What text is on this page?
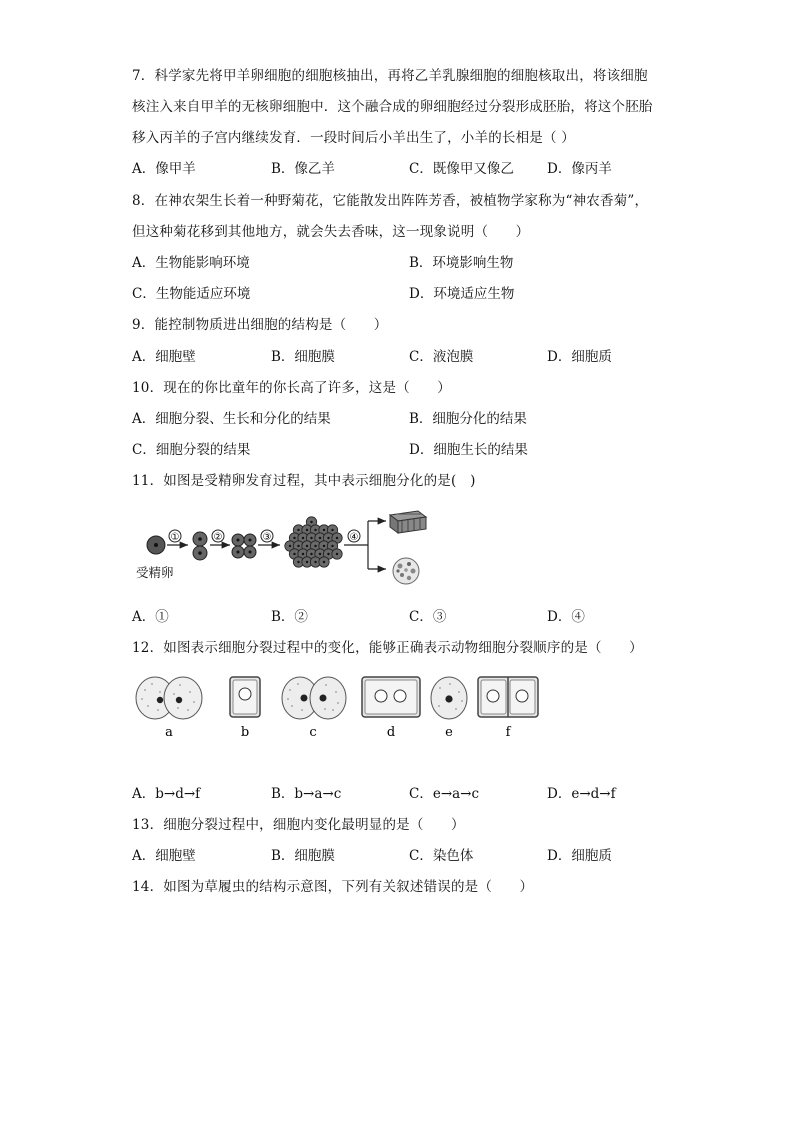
7．科学家先将甲羊卵细胞的细胞核抽出，再将乙羊乳腺细胞的细胞核取出，将该细胞
核注入来自甲羊的无核卵细胞中．这个融合成的卵细胞经过分裂形成胚胎，将这个胚胎
移入丙羊的子宫内继续发育．一段时间后小羊出生了，小羊的长相是（ ）
A．像甲羊	B．像乙羊	C．既像甲又像乙 D．像丙羊
8．在神农架生长着一种野菊花，它能散发出阵阵芳香，被植物学家称为“神农香菊”，
但这种菊花移到其他地方，就会失去香味，这一现象说明（　　）
A．生物能影响环境	B．环境影响生物
C．生物能适应环境	D．环境适应生物
9．能控制物质进出细胞的结构是（　　）
A．细胞壁	B．细胞膜	C．液泡膜	D．细胞质
10．现在的你比童年的你长高了许多，这是（　　）
A．细胞分裂、生长和分化的结果	B．细胞分化的结果
C．细胞分裂的结果	D．细胞生长的结果
11．如图是受精卵发育过程，其中表示细胞分化的是(　)
①	②	③	④
受精卵
A．①	B．②	C．③	D．④
12．如图表示细胞分裂过程中的变化，能够正确表示动物细胞分裂顺序的是（　　）
a	b	c	d	e	f
A．b→d→f	B．b→a→c	C．e→a→c	D．e→d→f
13．细胞分裂过程中，细胞内变化最明显的是（　　）
A．细胞壁	B．细胞膜	C．染色体	D．细胞质
14．如图为草履虫的结构示意图，下列有关叙述错误的是（　　）
